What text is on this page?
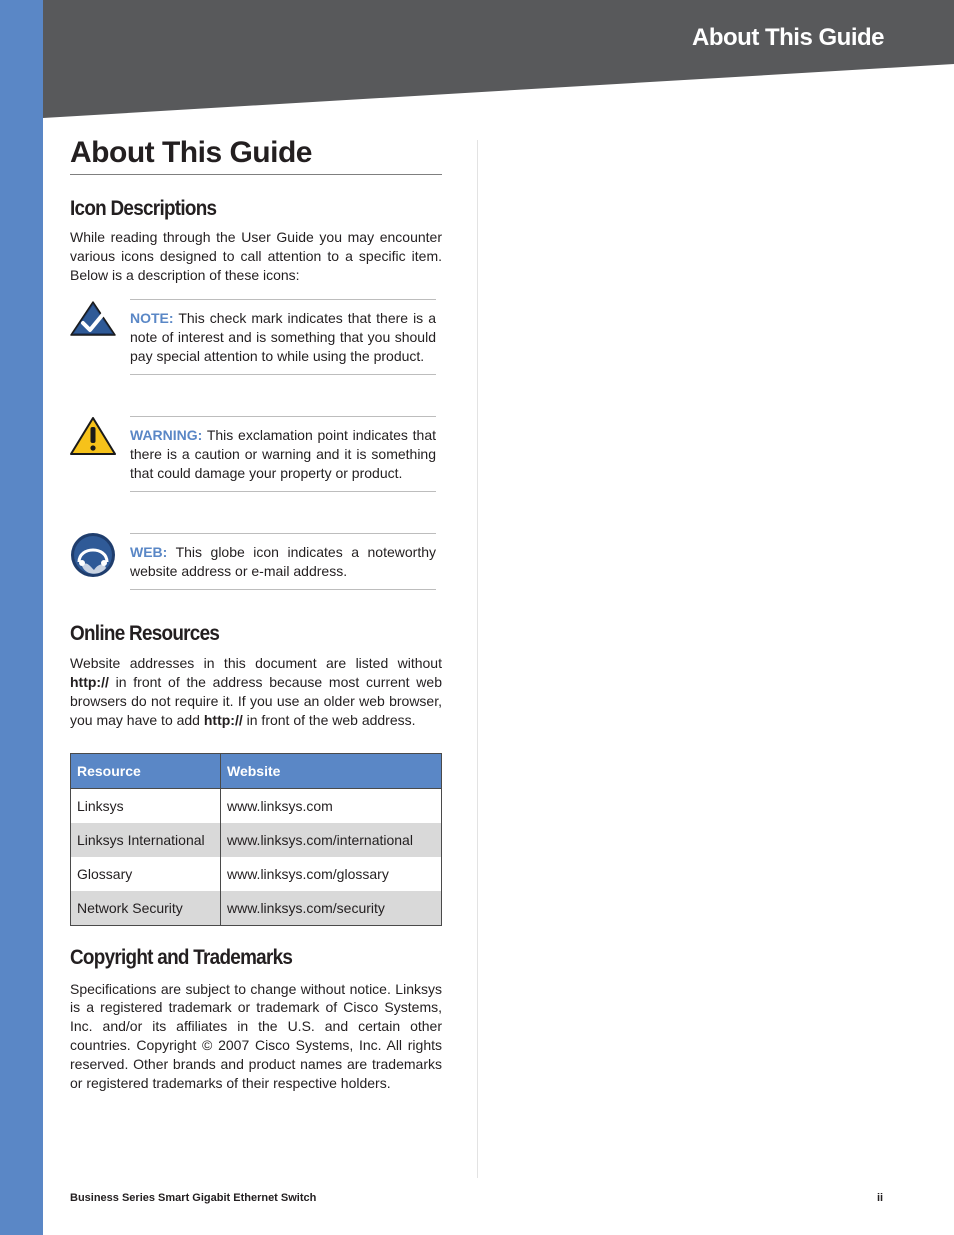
About This Guide
About This Guide
Icon Descriptions

While reading through the User Guide you may encounter various icons designed to call attention to a specific item. Below is a description of these icons:

NOTE: This check mark indicates that there is a note of interest and is something that you should pay special attention to while using the product.
WARNING: This exclamation point indicates that there is a caution or warning and it is something that could damage your property or product.
WEB: This globe icon indicates a noteworthy website address or e-mail address.
Online Resources

Website addresses in this document are listed without http:// in front of the address because most current web browsers do not require it. If you use an older web browser, you may have to add http:// in front of the web address.

Resource	Website
Linksys	www.linksys.com
Linksys International	www.linksys.com/international
Glossary	www.linksys.com/glossary
Network Security	www.linksys.com/security
Copyright and Trademarks

Specifications are subject to change without notice. Linksys is a registered trademark or trademark of Cisco Systems, Inc. and/or its affiliates in the U.S. and certain other countries. Copyright © 2007 Cisco Systems, Inc. All rights reserved. Other brands and product names are trademarks or registered trademarks of their respective holders.

Business Series Smart Gigabit Ethernet Switch	ii
